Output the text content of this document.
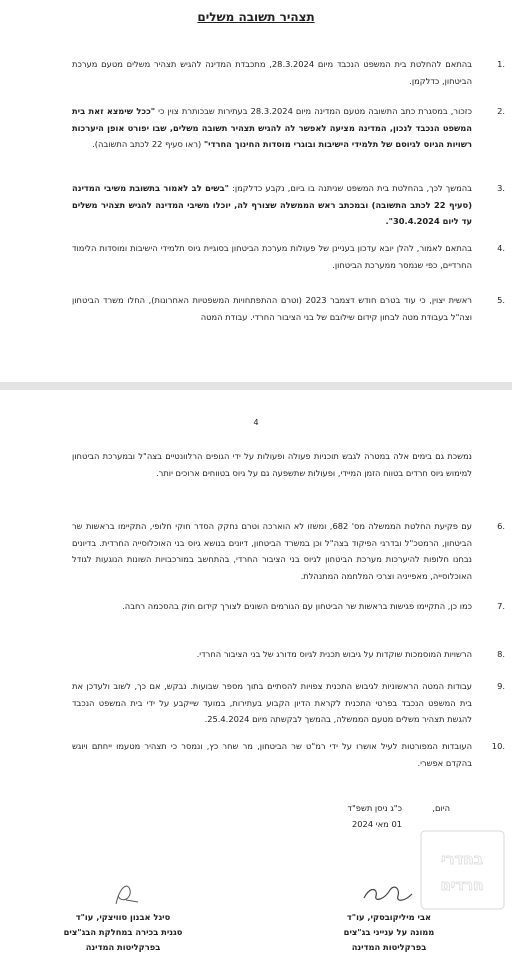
תצהיר תשובה משלים
1.
בהתאם להחלטת בית המשפט הנכבד מיום 28.3.2024, מתכבדת המדינה להגיש תצהיר משלים מטעם מערכת הביטחון, כדלקמן.
2.
כזכור, במסגרת כתב התשובה מטעם המדינה מיום 28.3.2024 בעתירות שבכותרת צוין כי "ככל שימצא זאת בית המשפט הנכבד לנכון, המדינה מציעה לאפשר לה להגיש תצהיר תשובה משלים, שבו יפורט אופן היערכות רשויות הגיוס לגיוסם של תלמידי הישיבות ובוגרי מוסדות החינוך החרדי" (ראו סעיף 22 לכתב התשובה).
3.
בהמשך לכך, בהחלטת בית המשפט שניתנה בו ביום, נקבע כדלקמן: "בשים לב לאמור בתשובת משיבי המדינה (סעיף 22 לכתב התשובה) ובמכתב ראש הממשלה שצורף לה, יוכלו משיבי המדינה להגיש תצהיר משלים עד ליום 30.4.2024".
4.
בהתאם לאמור, להלן יובא עדכון בעניינן של פעולות מערכת הביטחון בסוגיית גיוס תלמידי הישיבות ומוסדות הלימוד החרדיים, כפי שנמסר ממערכת הביטחון.
5.
ראשית יצוין, כי עוד בטרם חודש דצמבר 2023 (וטרם ההתפתחויות המשפטיות האחרונות), החלו משרד הביטחון וצה"ל בעבודת מטה לבחון קידום שילובם של בני הציבור החרדי. עבודת המטה
4
בחדרי
חרדים
נמשכת גם בימים אלה במטרה לגבש תוכניות פעולה ופעולות על ידי הגופים הרלוונטיים בצה"ל ובמערכת הביטחון למימוש גיוס חרדים בטווח הזמן המיידי, ופעולות שתשפעה גם על גיוס בטווחים ארוכים יותר.
6.
עם פקיעת החלטת הממשלה מס' 682, ומשזו לא הוארכה וטרם נחקק הסדר חוקי חלופי, התקיימו בראשות שר הביטחון, הרמטכ"ל ובדרגי הפיקוד בצה"ל וכן במשרד הביטחון, דיונים בנושא גיוס בני האוכלוסייה החרדית. בדיונים נבחנו חלופות להיערכות מערכת הביטחון לגיוס בני הציבור החרדי, בהתחשב במורכבויות השונות הנוגעות לגודל האוכלוסייה, מאפייניה וצרכי המלחמה המתנהלת.
7.
כמו כן, התקיימו פגישות בראשות שר הביטחון עם הגורמים השונים לצורך קידום חוק בהסכמה רחבה.
8.
הרשויות המוסמכות שוקדות על גיבוש תכנית לגיוס מדורג של בני הציבור החרדי.
9.
עבודות המטה הראשוניות לגיבוש התכנית צפויות להסתיים בתוך מספר שבועות. נבקש, אם כך, לשוב ולעדכן את בית המשפט הנכבד בפרטי התכנית לקראת הדיון הקבוע בעתירות, במועד שייקבע על ידי בית המשפט הנכבד להגשת תצהיר משלים מטעם הממשלה, בהמשך לבקשתה מיום 25.4.2024.
10.
העובדות המפורטות לעיל אושרו על ידי רמ"ט שר הביטחון, מר שחר כץ, ונמסר כי תצהיר מטעמו ייחתם ויוגש בהקדם אפשרי.
היום,
כ"ג ניסן תשפ"ד
01 מאי 2024
סיגל אבנון סוויצקי, עו"ד
סגנית בכירה במחלקת הבג"צים
בפרקליטות המדינה
אבי מיליקובסקי, עו"ד
ממונה על ענייני בג"צים
בפרקליטות המדינה
